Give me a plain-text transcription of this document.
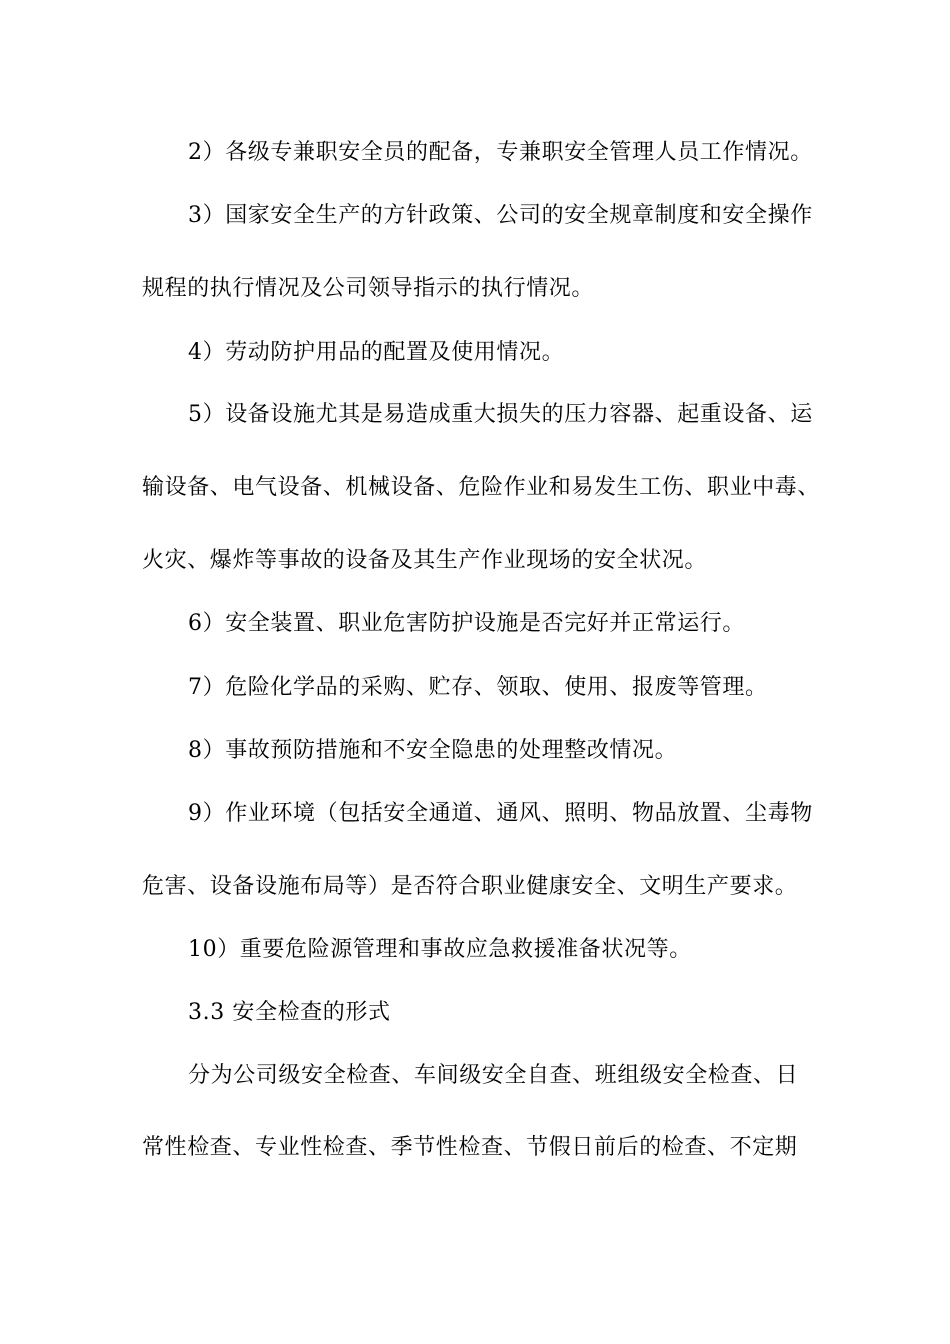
2）各级专兼职安全员的配备，专兼职安全管理人员工作情况。
3）国家安全生产的方针政策、公司的安全规章制度和安全操作
规程的执行情况及公司领导指示的执行情况。
4）劳动防护用品的配置及使用情况。
5）设备设施尤其是易造成重大损失的压力容器、起重设备、运
输设备、电气设备、机械设备、危险作业和易发生工伤、职业中毒、
火灾、爆炸等事故的设备及其生产作业现场的安全状况。
6）安全装置、职业危害防护设施是否完好并正常运行。
7）危险化学品的采购、贮存、领取、使用、报废等管理。
8）事故预防措施和不安全隐患的处理整改情况。
9）作业环境（包括安全通道、通风、照明、物品放置、尘毒物
危害、设备设施布局等）是否符合职业健康安全、文明生产要求。
10）重要危险源管理和事故应急救援准备状况等。
3.3 安全检查的形式
分为公司级安全检查、车间级安全自查、班组级安全检查、日
常性检查、专业性检查、季节性检查、节假日前后的检查、不定期
